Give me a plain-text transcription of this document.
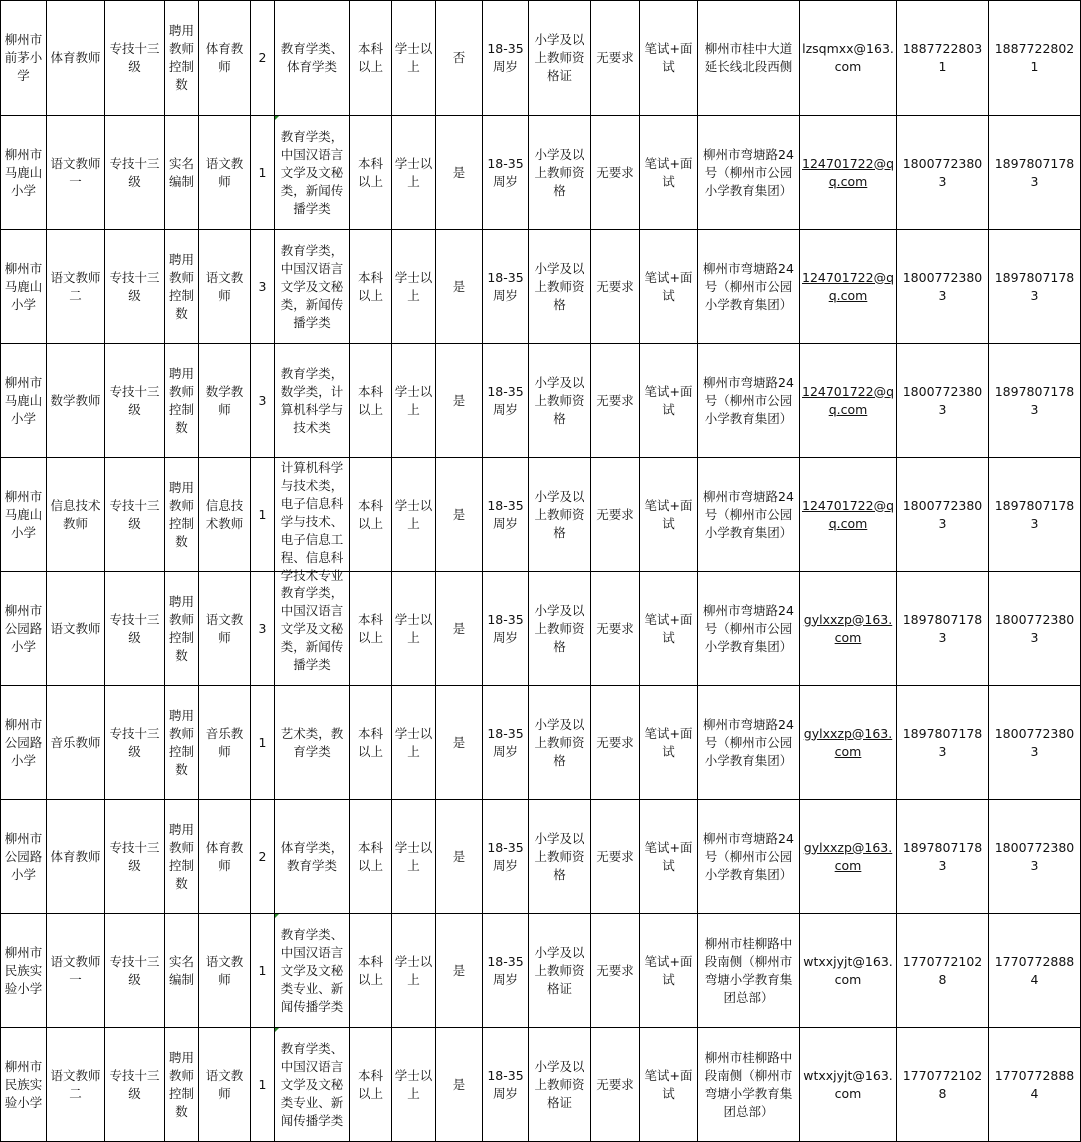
柳州市前茅小学	体育教师	专技十三级	聘用教师控制数	体育教师	2	教育学类、体育学类	本科以上	学士以上	否	18-35周岁	小学及以上教师资格证	无要求	笔试+面试	柳州市桂中大道延长线北段西侧	lzsqmxx@163.com	18877228031	18877228021

柳州市马鹿山小学	语文教师一	专技十三级	实名编制	语文教师	1	教育学类，中国汉语言文学及文秘类，新闻传播学类	本科以上	学士以上	是	18-35周岁	小学及以上教师资格	无要求	笔试+面试	柳州市弯塘路24号（柳州市公园小学教育集团）	124701722@qq.com	18007723803	18978071783

柳州市马鹿山小学	语文教师二	专技十三级	聘用教师控制数	语文教师	3	教育学类，中国汉语言文学及文秘类，新闻传播学类	本科以上	学士以上	是	18-35周岁	小学及以上教师资格	无要求	笔试+面试	柳州市弯塘路24号（柳州市公园小学教育集团）	124701722@qq.com	18007723803	18978071783

柳州市马鹿山小学	数学教师	专技十三级	聘用教师控制数	数学教师	3	教育学类，数学类，计算机科学与技术类	本科以上	学士以上	是	18-35周岁	小学及以上教师资格	无要求	笔试+面试	柳州市弯塘路24号（柳州市公园小学教育集团）	124701722@qq.com	18007723803	18978071783

柳州市马鹿山小学	信息技术教师	专技十三级	聘用教师控制数	信息技术教师	1	计算机科学与技术类，电子信息科学与技术、电子信息工程、信息科学技术专业	本科以上	学士以上	是	18-35周岁	小学及以上教师资格	无要求	笔试+面试	柳州市弯塘路24号（柳州市公园小学教育集团）	124701722@qq.com	18007723803	18978071783

柳州市公园路小学	语文教师	专技十三级	聘用教师控制数	语文教师	3	教育学类，中国汉语言文学及文秘类，新闻传播学类	本科以上	学士以上	是	18-35周岁	小学及以上教师资格	无要求	笔试+面试	柳州市弯塘路24号（柳州市公园小学教育集团）	gylxxzp@163.com	18978071783	18007723803

柳州市公园路小学	音乐教师	专技十三级	聘用教师控制数	音乐教师	1	艺术类，教育学类	本科以上	学士以上	是	18-35周岁	小学及以上教师资格	无要求	笔试+面试	柳州市弯塘路24号（柳州市公园小学教育集团）	gylxxzp@163.com	18978071783	18007723803

柳州市公园路小学	体育教师	专技十三级	聘用教师控制数	体育教师	2	体育学类，教育学类	本科以上	学士以上	是	18-35周岁	小学及以上教师资格	无要求	笔试+面试	柳州市弯塘路24号（柳州市公园小学教育集团）	gylxxzp@163.com	18978071783	18007723803

柳州市民族实验小学	语文教师一	专技十三级	实名编制	语文教师	1	教育学类、中国汉语言文学及文秘类专业、新闻传播学类	本科以上	学士以上	是	18-35周岁	小学及以上教师资格证	无要求	笔试+面试	柳州市桂柳路中段南侧（柳州市弯塘小学教育集团总部）	wtxxjyjt@163.com	17707721028	17707728884

柳州市民族实验小学	语文教师二	专技十三级	聘用教师控制数	语文教师	1	教育学类、中国汉语言文学及文秘类专业、新闻传播学类	本科以上	学士以上	是	18-35周岁	小学及以上教师资格证	无要求	笔试+面试	柳州市桂柳路中段南侧（柳州市弯塘小学教育集团总部）	wtxxjyjt@163.com	17707721028	17707728884
